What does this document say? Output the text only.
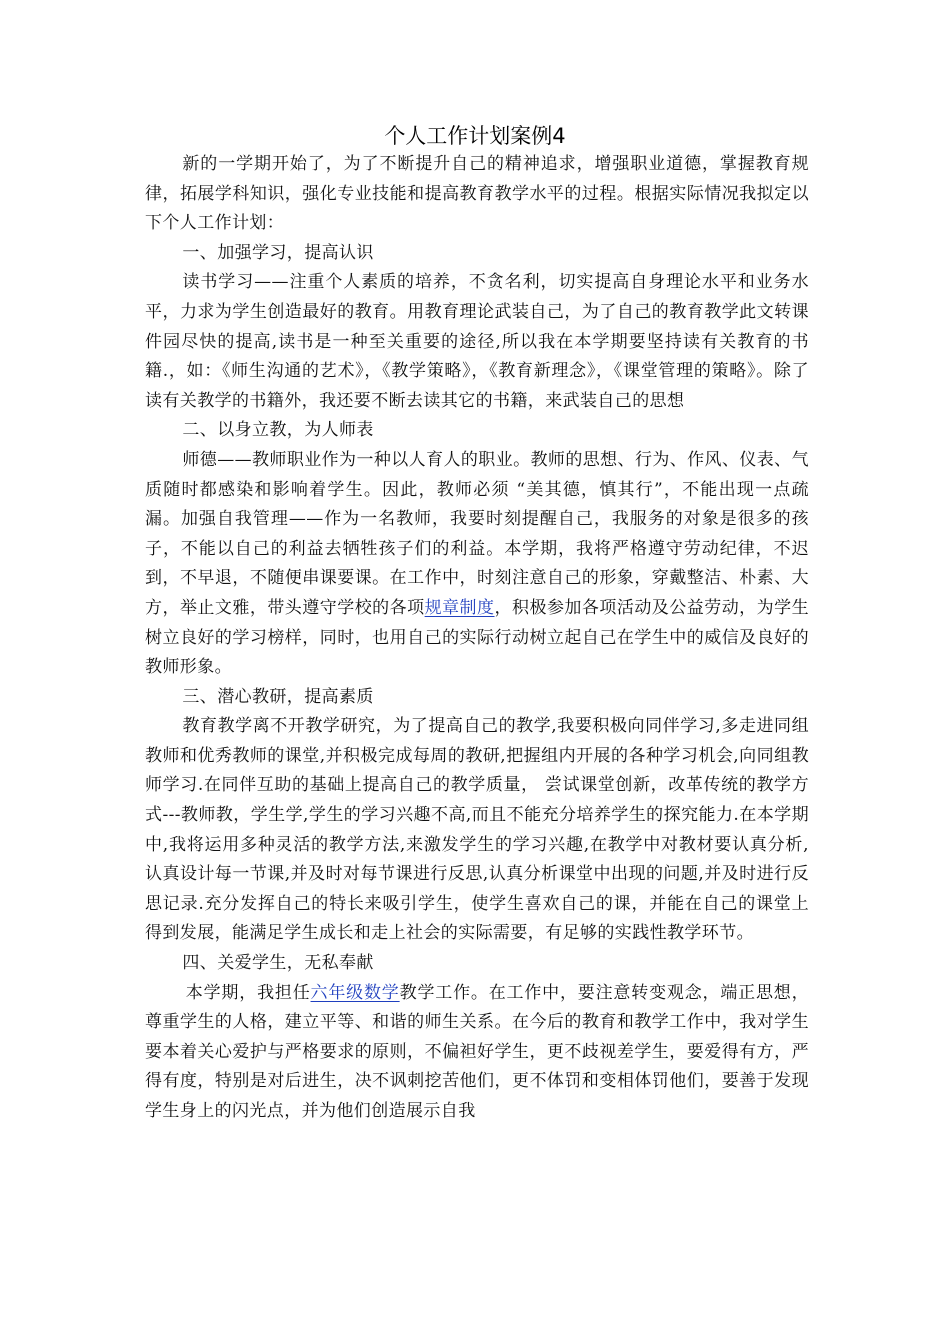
个人工作计划案例4

新的一学期开始了，为了不断提升自己的精神追求，增强职业道德，掌握教育规律，拓展学科知识，强化专业技能和提高教育教学水平的过程。根据实际情况我拟定以下个人工作计划：

一、加强学习，提高认识

读书学习——注重个人素质的培养，不贪名利，切实提高自身理论水平和业务水平，力求为学生创造最好的教育。用教育理论武装自己，为了自己的教育教学此文转课件园尽快的提高,读书是一种至关重要的途径,所以我在本学期要坚持读有关教育的书籍.，如：《师生沟通的艺术》，《教学策略》，《教育新理念》，《课堂管理的策略》。除了读有关教学的书籍外，我还要不断去读其它的书籍，来武装自己的思想

二、以身立教，为人师表

师德——教师职业作为一种以人育人的职业。教师的思想、行为、作风、仪表、气质随时都感染和影响着学生。因此，教师必须 “美其德，慎其行”，不能出现一点疏漏。加强自我管理——作为一名教师，我要时刻提醒自己，我服务的对象是很多的孩子，不能以自己的利益去牺牲孩子们的利益。本学期，我将严格遵守劳动纪律，不迟到，不早退，不随便串课要课。在工作中，时刻注意自己的形象，穿戴整洁、朴素、大方，举止文雅，带头遵守学校的各项规章制度，积极参加各项活动及公益劳动，为学生树立良好的学习榜样，同时，也用自己的实际行动树立起自己在学生中的威信及良好的教师形象。

三、潜心教研，提高素质

教育教学离不开教学研究，为了提高自己的教学,我要积极向同伴学习,多走进同组教师和优秀教师的课堂,并积极完成每周的教研,把握组内开展的各种学习机会,向同组教师学习.在同伴互助的基础上提高自己的教学质量， 尝试课堂创新，改革传统的教学方式---教师教，学生学,学生的学习兴趣不高,而且不能充分培养学生的探究能力.在本学期中,我将运用多种灵活的教学方法,来激发学生的学习兴趣,在教学中对教材要认真分析,认真设计每一节课,并及时对每节课进行反思,认真分析课堂中出现的问题,并及时进行反思记录.充分发挥自己的特长来吸引学生，使学生喜欢自己的课，并能在自己的课堂上得到发展，能满足学生成长和走上社会的实际需要，有足够的实践性教学环节。

四、关爱学生，无私奉献

本学期，我担任六年级数学教学工作。在工作中，要注意转变观念，端正思想，尊重学生的人格，建立平等、和谐的师生关系。在今后的教育和教学工作中，我对学生要本着关心爱护与严格要求的原则，不偏袒好学生，更不歧视差学生，要爱得有方，严得有度，特别是对后进生，决不讽刺挖苦他们，更不体罚和变相体罚他们，要善于发现学生身上的闪光点，并为他们创造展示自我
